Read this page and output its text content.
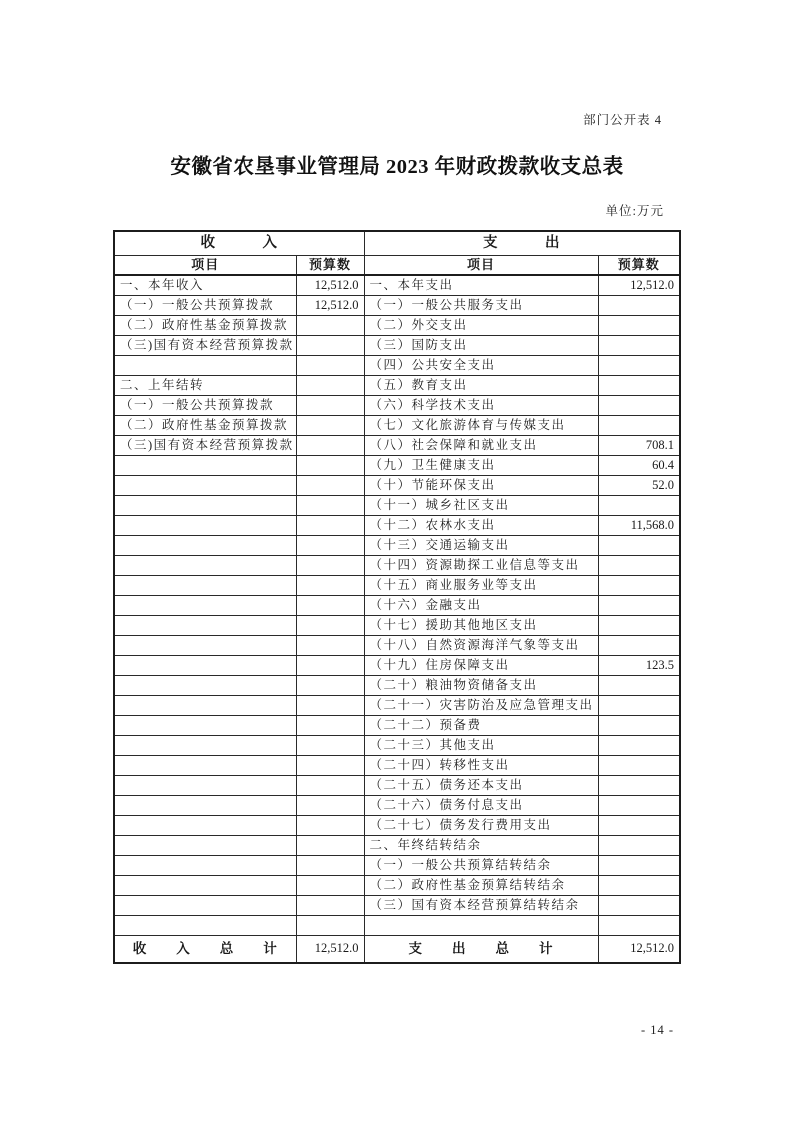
部门公开表 4
安徽省农垦事业管理局 2023 年财政拨款收支总表
单位:万元
收　　　入		支　　　出	
项目	预算数	项目	预算数
一、本年收入	12,512.0	一、本年支出	12,512.0
（一）一般公共预算拨款	12,512.0	（一）一般公共服务支出	
（二）政府性基金预算拨款		（二）外交支出	
（三)国有资本经营预算拨款		（三）国防支出	
		（四）公共安全支出	
二、上年结转		（五）教育支出	
（一）一般公共预算拨款		（六）科学技术支出	
（二）政府性基金预算拨款		（七）文化旅游体育与传媒支出	
（三)国有资本经营预算拨款		（八）社会保障和就业支出	708.1
		（九）卫生健康支出	60.4
		（十）节能环保支出	52.0
		（十一）城乡社区支出	
		（十二）农林水支出	11,568.0
		（十三）交通运输支出	
		（十四）资源勘探工业信息等支出	
		（十五）商业服务业等支出	
		（十六）金融支出	
		（十七）援助其他地区支出	
		（十八）自然资源海洋气象等支出	
		（十九）住房保障支出	123.5
		（二十）粮油物资储备支出	
		（二十一）灾害防治及应急管理支出	
		（二十二）预备费	
		（二十三）其他支出	
		（二十四）转移性支出	
		（二十五）债务还本支出	
		（二十六）债务付息支出	
		（二十七）债务发行费用支出	
		二、年终结转结余	
		（一）一般公共预算结转结余	
		（二）政府性基金预算结转结余	
		（三）国有资本经营预算结转结余	

收　　入　　总　　计	12,512.0	支　　出　　总　　计	12,512.0
- 14 -
